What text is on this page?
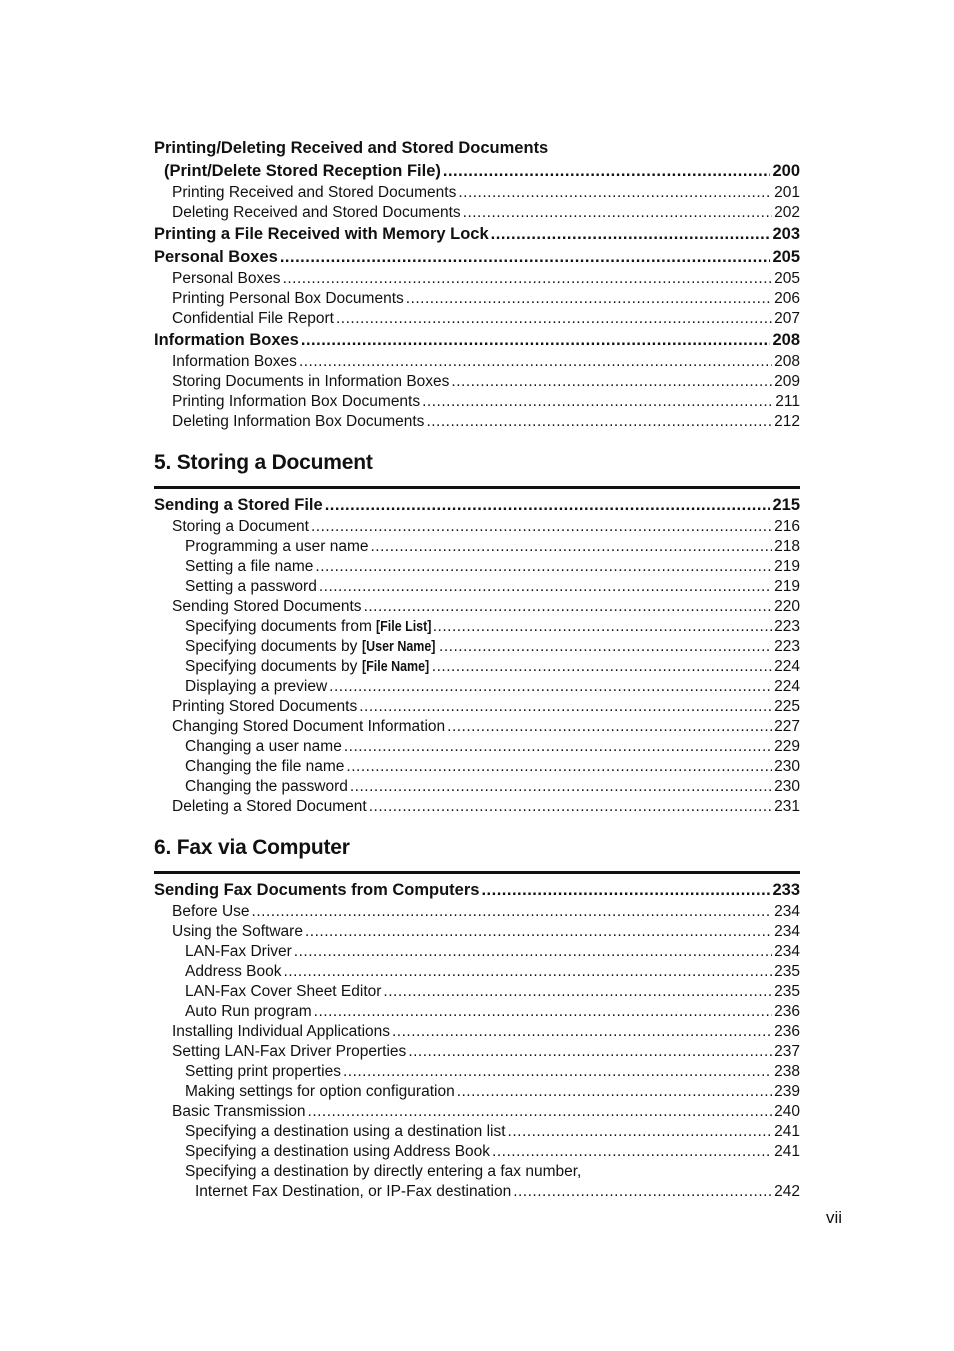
Printing/Deleting Received and Stored Documents
(Print/Delete Stored Reception File) .....	200
Printing Received and Stored Documents .....	201
Deleting Received and Stored Documents .....	202
Printing a File Received with Memory Lock .....	203
Personal Boxes .....	205
Personal Boxes .....	205
Printing Personal Box Documents .....	206
Confidential File Report .....	207
Information Boxes .....	208
Information Boxes .....	208
Storing Documents in Information Boxes .....	209
Printing Information Box Documents .....	211
Deleting Information Box Documents .....	212
5. Storing a Document
Sending a Stored File .....	215
Storing a Document .....	216
Programming a user name .....	218
Setting a file name .....	219
Setting a password .....	219
Sending Stored Documents .....	220
Specifying documents from [File List] .....	223
Specifying documents by [User Name] .....	223
Specifying documents by [File Name] .....	224
Displaying a preview .....	224
Printing Stored Documents .....	225
Changing Stored Document Information .....	227
Changing a user name .....	229
Changing the file name .....	230
Changing the password .....	230
Deleting a Stored Document .....	231
6. Fax via Computer
Sending Fax Documents from Computers .....	233
Before Use .....	234
Using the Software .....	234
LAN-Fax Driver .....	234
Address Book .....	235
LAN-Fax Cover Sheet Editor .....	235
Auto Run program .....	236
Installing Individual Applications .....	236
Setting LAN-Fax Driver Properties .....	237
Setting print properties .....	238
Making settings for option configuration .....	239
Basic Transmission .....	240
Specifying a destination using a destination list .....	241
Specifying a destination using Address Book .....	241
Specifying a destination by directly entering a fax number,
Internet Fax Destination, or IP-Fax destination .....	242
vii
